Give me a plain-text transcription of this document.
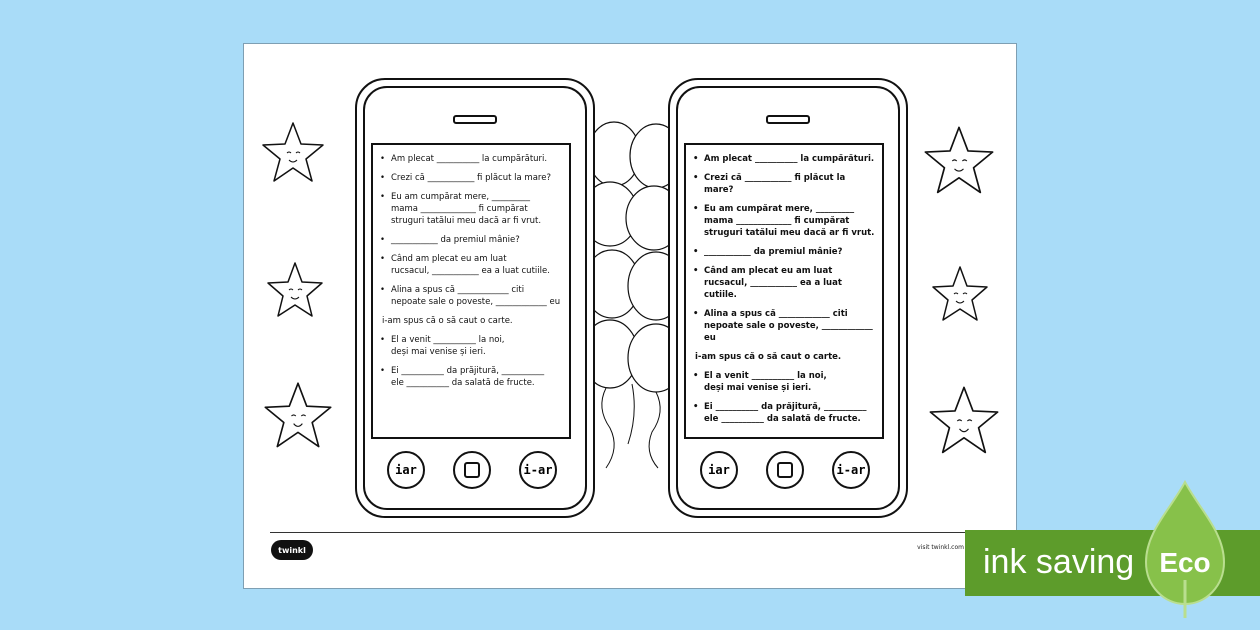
• Am plecat __________ la cumpărături.
• Crezi că ___________ fi plăcut la mare?
• Eu am cumpărat mere, _________
mama _____________ fi cumpărat
struguri tatălui meu dacă ar fi vrut.
• ___________ da premiul mânie?
• Când am plecat eu am luat
rucsacul, ___________ ea a luat cutiile.
• Alina a spus că ____________ citi
nepoate sale o poveste, ____________ eu
i-am spus că o să caut o carte.
• El a venit __________ la noi,
deși mai venise și ieri.
• Ei __________ da prăjitură, __________
ele __________ da salată de fructe.
iar	i-ar
• Am plecat __________ la cumpărături.
• Crezi că ___________ fi plăcut la mare?
• Eu am cumpărat mere, _________
mama _____________ fi cumpărat
struguri tatălui meu dacă ar fi vrut.
• ___________ da premiul mânie?
• Când am plecat eu am luat
rucsacul, ___________ ea a luat cutiile.
• Alina a spus că ____________ citi
nepoate sale o poveste, ____________ eu
i-am spus că o să caut o carte.
• El a venit __________ la noi,
deși mai venise și ieri.
• Ei __________ da prăjitură, __________
ele __________ da salată de fructe.
iar	i-ar
twinkl	visit twinkl.com ink saving Eco
